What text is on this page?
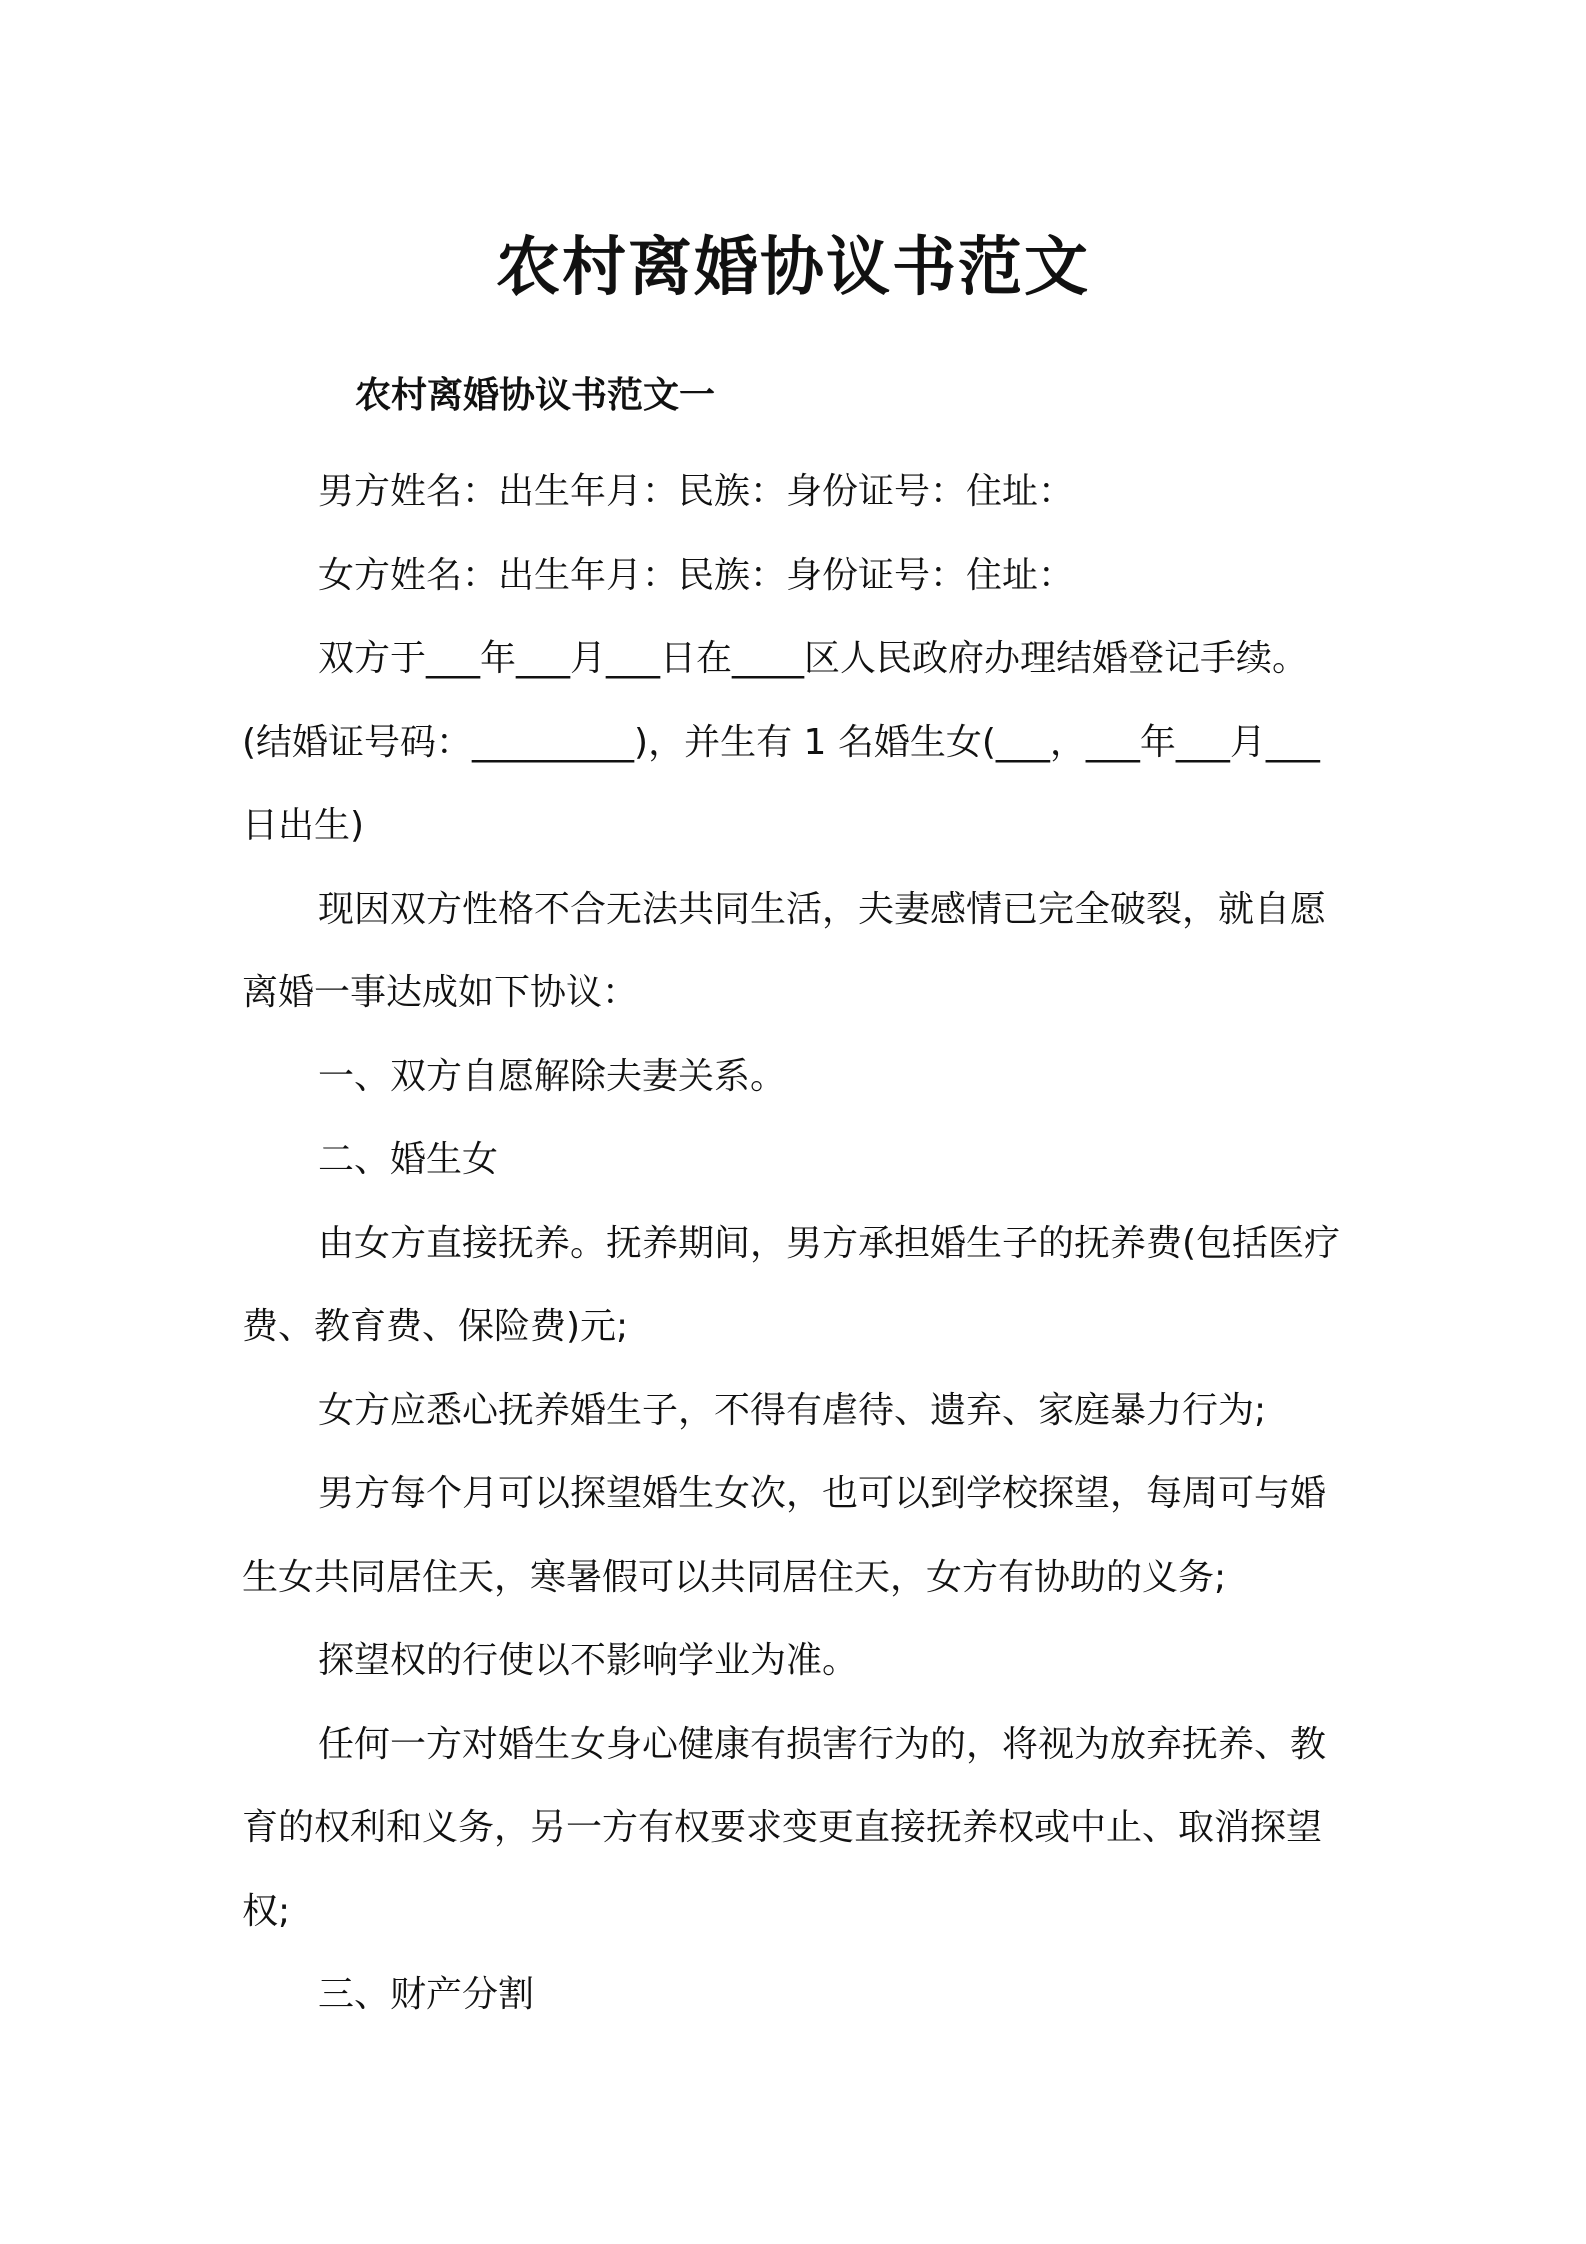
农村离婚协议书范文
农村离婚协议书范文一

男方姓名：出生年月：民族：身份证号：住址：

女方姓名：出生年月：民族：身份证号：住址：

双方于___年___月___日在____区人民政府办理结婚登记手续。(结婚证号码：_________)，并生有 1 名婚生女(___，___年___月___日出生)

现因双方性格不合无法共同生活，夫妻感情已完全破裂，就自愿离婚一事达成如下协议：

一、双方自愿解除夫妻关系。

二、婚生女

由女方直接抚养。抚养期间，男方承担婚生子的抚养费(包括医疗费、教育费、保险费)元;

女方应悉心抚养婚生子，不得有虐待、遗弃、家庭暴力行为;

男方每个月可以探望婚生女次，也可以到学校探望，每周可与婚生女共同居住天，寒暑假可以共同居住天，女方有协助的义务;

探望权的行使以不影响学业为准。

任何一方对婚生女身心健康有损害行为的，将视为放弃抚养、教育的权利和义务，另一方有权要求变更直接抚养权或中止、取消探望权;

三、财产分割
